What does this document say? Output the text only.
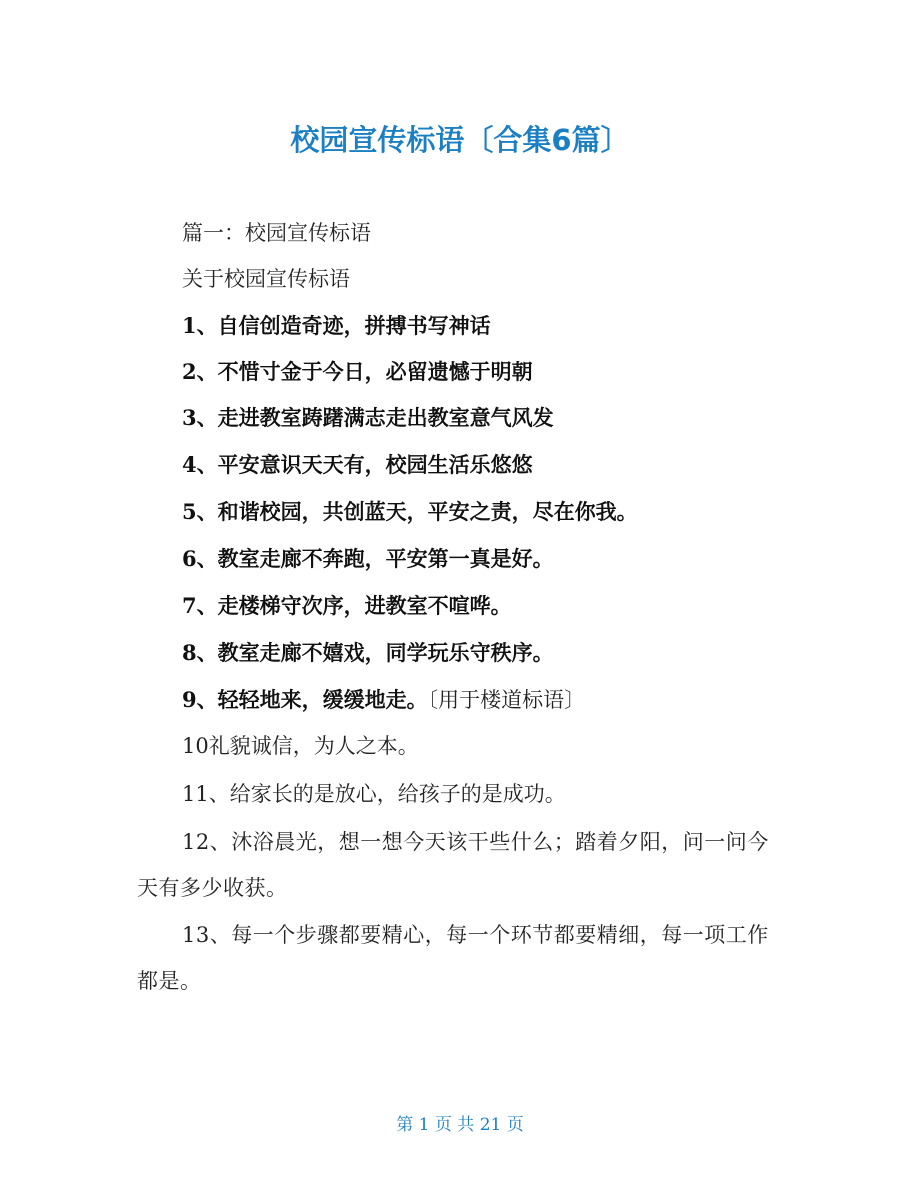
校园宣传标语〔合集6篇〕

篇一：校园宣传标语

关于校园宣传标语

1、自信创造奇迹，拼搏书写神话

2、不惜寸金于今日，必留遗憾于明朝

3、走进教室踌躇满志走出教室意气风发

4、平安意识天天有，校园生活乐悠悠

5、和谐校园，共创蓝天，平安之责，尽在你我。

6、教室走廊不奔跑，平安第一真是好。

7、走楼梯守次序，进教室不喧哗。

8、教室走廊不嬉戏，同学玩乐守秩序。

9、轻轻地来，缓缓地走。〔用于楼道标语〕

10礼貌诚信，为人之本。

11、给家长的是放心，给孩子的是成功。

12、沐浴晨光，想一想今天该干些什么；踏着夕阳，问一问今天有多少收获。

13、每一个步骤都要精心，每一个环节都要精细，每一项工作都是。

第 1 页 共 21 页
